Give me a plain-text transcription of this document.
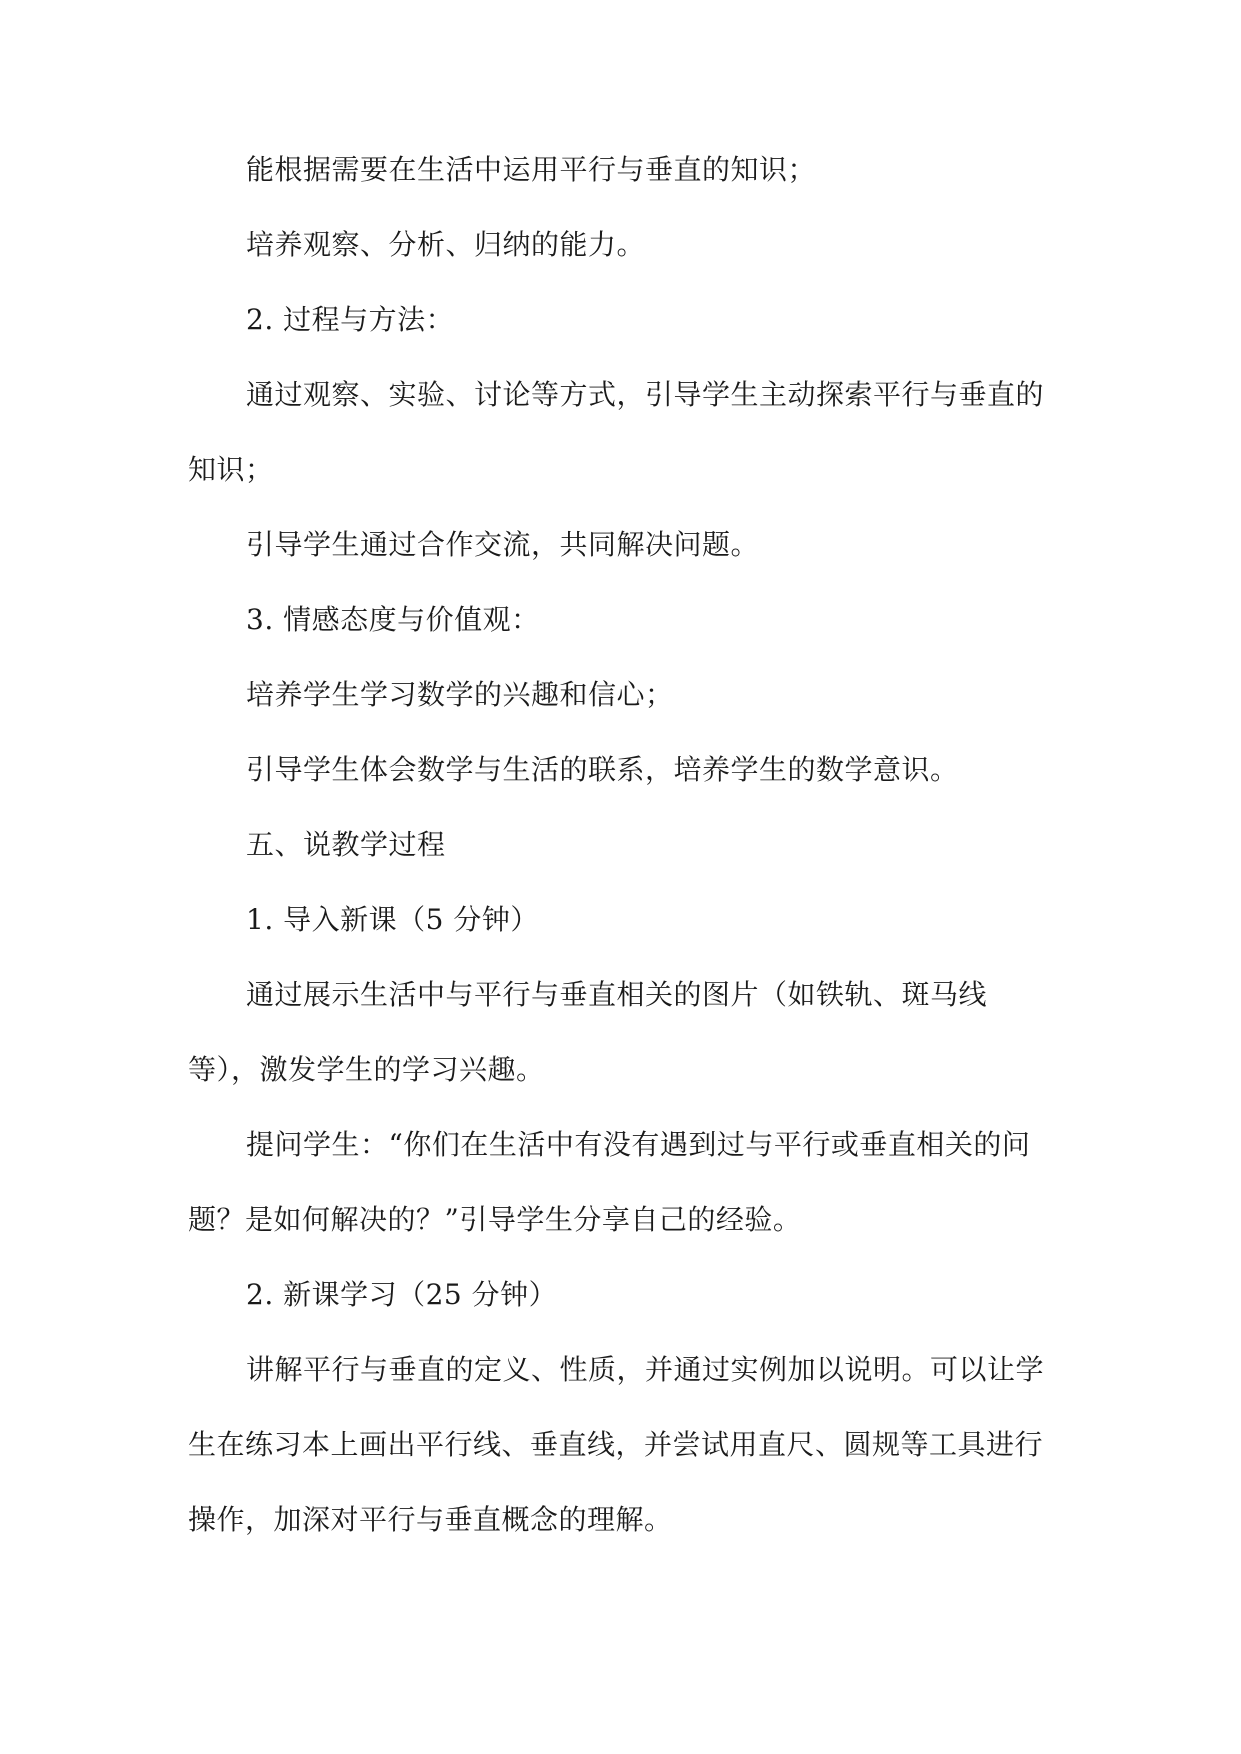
能根据需要在生活中运用平行与垂直的知识；
培养观察、分析、归纳的能力。
2. 过程与方法：
通过观察、实验、讨论等方式，引导学生主动探索平行与垂直的
知识；
引导学生通过合作交流，共同解决问题。
3. 情感态度与价值观：
培养学生学习数学的兴趣和信心；
引导学生体会数学与生活的联系，培养学生的数学意识。
五、说教学过程
1. 导入新课（5 分钟）
通过展示生活中与平行与垂直相关的图片（如铁轨、斑马线
等），激发学生的学习兴趣。
提问学生：“你们在生活中有没有遇到过与平行或垂直相关的问
题？是如何解决的？”引导学生分享自己的经验。
2. 新课学习（25 分钟）
讲解平行与垂直的定义、性质，并通过实例加以说明。可以让学
生在练习本上画出平行线、垂直线，并尝试用直尺、圆规等工具进行
操作，加深对平行与垂直概念的理解。
